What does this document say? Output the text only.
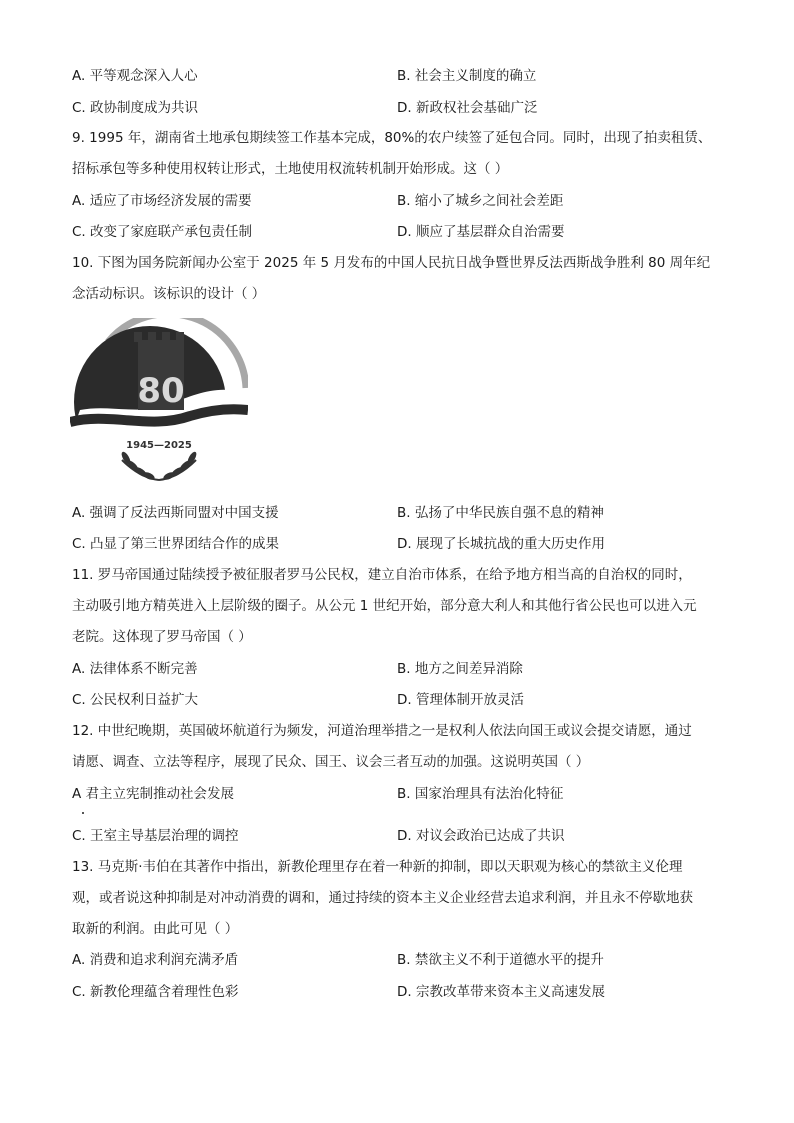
A. 平等观念深入人心	B. 社会主义制度的确立
C. 政协制度成为共识	D. 新政权社会基础广泛

9. 1995 年，湖南省土地承包期续签工作基本完成，80%的农户续签了延包合同。同时，出现了拍卖租赁、

招标承包等多种使用权转让形式，土地使用权流转机制开始形成。这（ ）

A. 适应了市场经济发展的需要	B. 缩小了城乡之间社会差距
C. 改变了家庭联产承包责任制	D. 顺应了基层群众自治需要

10. 下图为国务院新闻办公室于 2025 年 5 月发布的中国人民抗日战争暨世界反法西斯战争胜利 80 周年纪

念活动标识。该标识的设计（ ）

80
1945—2025
A. 强调了反法西斯同盟对中国支援	B. 弘扬了中华民族自强不息的精神
C. 凸显了第三世界团结合作的成果	D. 展现了长城抗战的重大历史作用

11. 罗马帝国通过陆续授予被征服者罗马公民权，建立自治市体系，在给予地方相当高的自治权的同时，

主动吸引地方精英进入上层阶级的圈子。从公元 1 世纪开始，部分意大利人和其他行省公民也可以进入元

老院。这体现了罗马帝国（ ）

A. 法律体系不断完善	B. 地方之间差异消除
C. 公民权利日益扩大	D. 管理体制开放灵活

12. 中世纪晚期，英国破坏航道行为频发，河道治理举措之一是权利人依法向国王或议会提交请愿，通过

请愿、调查、立法等程序，展现了民众、国王、议会三者互动的加强。这说明英国（ ）

A 君主立宪制推动社会发展	B. 国家治理具有法治化特征
C. 王室主导基层治理的调控	D. 对议会政治已达成了共识

13. 马克斯·韦伯在其著作中指出，新教伦理里存在着一种新的抑制，即以天职观为核心的禁欲主义伦理

观，或者说这种抑制是对冲动消费的调和，通过持续的资本主义企业经营去追求利润，并且永不停歇地获

取新的利润。由此可见（ ）

A. 消费和追求利润充满矛盾	B. 禁欲主义不利于道德水平的提升
C. 新教伦理蕴含着理性色彩	D. 宗教改革带来资本主义高速发展
